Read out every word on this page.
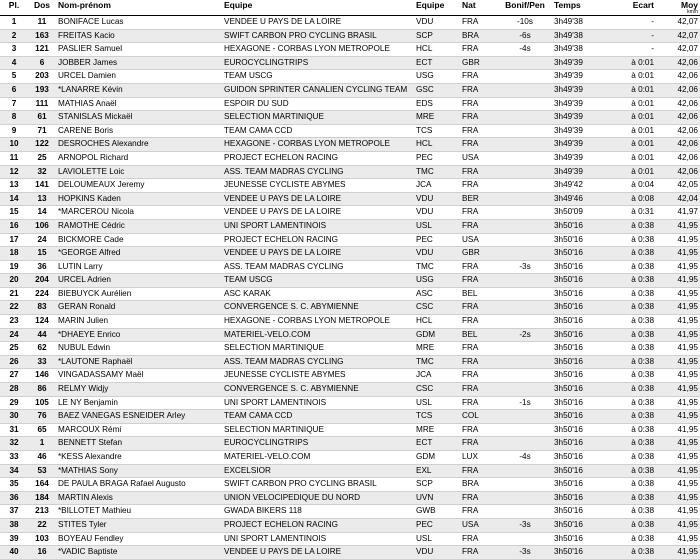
Pl.	Dos	Nom-prénom	Equipe	Equipe	Nat	Bonif/Pen	Temps	Ecart	Moy
km/h

1	11	BONIFACE Lucas	VENDEE U PAYS DE LA LOIRE	VDU	FRA	-10s	3h49'38	-	42,07
2	163	FREITAS Kacio	SWIFT CARBON PRO CYCLING BRASIL	SCP	BRA	-6s	3h49'38	-	42,07
3	121	PASLIER Samuel	HEXAGONE - CORBAS LYON METROPOLE	HCL	FRA	-4s	3h49'38	-	42,07
4	6	JOBBER James	EUROCYCLINGTRIPS	ECT	GBR		3h49'39	à 0:01	42,06
5	203	URCEL Damien	TEAM USCG	USG	FRA		3h49'39	à 0:01	42,06
6	193	*LANARRE Kévin	GUIDON SPRINTER CANALIEN CYCLING TEAM	GSC	FRA		3h49'39	à 0:01	42,06
7	111	MATHIAS Anaël	ESPOIR DU SUD	EDS	FRA		3h49'39	à 0:01	42,06
8	61	STANISLAS Mickaël	SELECTION MARTINIQUE	MRE	FRA		3h49'39	à 0:01	42,06
9	71	CARENE Boris	TEAM CAMA CCD	TCS	FRA		3h49'39	à 0:01	42,06
10	122	DESROCHES Alexandre	HEXAGONE - CORBAS LYON METROPOLE	HCL	FRA		3h49'39	à 0:01	42,06
11	25	ARNOPOL Richard	PROJECT ECHELON RACING	PEC	USA		3h49'39	à 0:01	42,06
12	32	LAVIOLETTE Loic	ASS. TEAM MADRAS CYCLING	TMC	FRA		3h49'39	à 0:01	42,06
13	141	DELOUMEAUX Jeremy	JEUNESSE CYCLISTE ABYMES	JCA	FRA		3h49'42	à 0:04	42,05
14	13	HOPKINS Kaden	VENDEE U PAYS DE LA LOIRE	VDU	BER		3h49'46	à 0:08	42,04
15	14	*MARCEROU Nicola	VENDEE U PAYS DE LA LOIRE	VDU	FRA		3h50'09	à 0:31	41,97
16	106	RAMOTHE Cédric	UNI SPORT LAMENTINOIS	USL	FRA		3h50'16	à 0:38	41,95
17	24	BICKMORE Cade	PROJECT ECHELON RACING	PEC	USA		3h50'16	à 0:38	41,95
18	15	*GEORGE Alfred	VENDEE U PAYS DE LA LOIRE	VDU	GBR		3h50'16	à 0:38	41,95
19	36	LUTIN Larry	ASS. TEAM MADRAS CYCLING	TMC	FRA	-3s	3h50'16	à 0:38	41,95
20	204	URCEL Adrien	TEAM USCG	USG	FRA		3h50'16	à 0:38	41,95
21	224	BIEBUYCK Aurélien	ASC KARAK	ASC	BEL		3h50'16	à 0:38	41,95
22	83	GERAN Ronald	CONVERGENCE S. C. ABYMIENNE	CSC	FRA		3h50'16	à 0:38	41,95
23	124	MARIN Julien	HEXAGONE - CORBAS LYON METROPOLE	HCL	FRA		3h50'16	à 0:38	41,95
24	44	*DHAEYE Enrico	MATERIEL-VELO.COM	GDM	BEL	-2s	3h50'16	à 0:38	41,95
25	62	NUBUL Edwin	SELECTION MARTINIQUE	MRE	FRA		3h50'16	à 0:38	41,95
26	33	*LAUTONE Raphaël	ASS. TEAM MADRAS CYCLING	TMC	FRA		3h50'16	à 0:38	41,95
27	146	VINGADASSAMY Maël	JEUNESSE CYCLISTE ABYMES	JCA	FRA		3h50'16	à 0:38	41,95
28	86	RELMY Widjy	CONVERGENCE S. C. ABYMIENNE	CSC	FRA		3h50'16	à 0:38	41,95
29	105	LE NY Benjamin	UNI SPORT LAMENTINOIS	USL	FRA	-1s	3h50'16	à 0:38	41,95
30	76	BAEZ VANEGAS ESNEIDER Arley	TEAM CAMA CCD	TCS	COL		3h50'16	à 0:38	41,95
31	65	MARCOUX Rémi	SELECTION MARTINIQUE	MRE	FRA		3h50'16	à 0:38	41,95
32	1	BENNETT Stefan	EUROCYCLINGTRIPS	ECT	FRA		3h50'16	à 0:38	41,95
33	46	*KESS Alexandre	MATERIEL-VELO.COM	GDM	LUX	-4s	3h50'16	à 0:38	41,95
34	53	*MATHIAS Sony	EXCELSIOR	EXL	FRA		3h50'16	à 0:38	41,95
35	164	DE PAULA BRAGA Rafael Augusto	SWIFT CARBON PRO CYCLING BRASIL	SCP	BRA		3h50'16	à 0:38	41,95
36	184	MARTIN Alexis	UNION VELOCIPEDIQUE DU NORD	UVN	FRA		3h50'16	à 0:38	41,95
37	213	*BILLOTET Mathieu	GWADA BIKERS 118	GWB	FRA		3h50'16	à 0:38	41,95
38	22	STITES Tyler	PROJECT ECHELON RACING	PEC	USA	-3s	3h50'16	à 0:38	41,95
39	103	BOYEAU Fendley	UNI SPORT LAMENTINOIS	USL	FRA		3h50'16	à 0:38	41,95
40	16	*VADIC Baptiste	VENDEE U PAYS DE LA LOIRE	VDU	FRA	-3s	3h50'16	à 0:38	41,95
